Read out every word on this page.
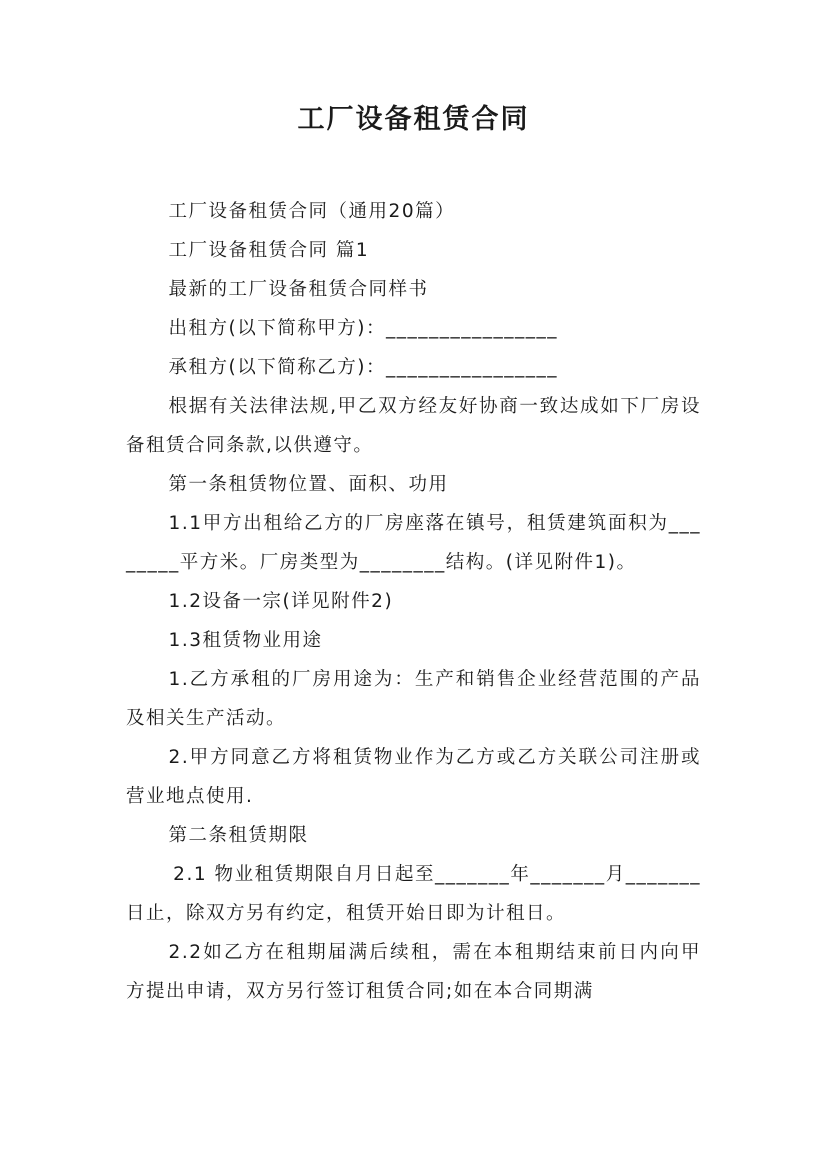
工厂设备租赁合同

工厂设备租赁合同（通用20篇）

工厂设备租赁合同 篇1

最新的工厂设备租赁合同样书

出租方(以下简称甲方)：________________

承租方(以下简称乙方)：________________

根据有关法律法规,甲乙双方经友好协商一致达成如下厂房设备租赁合同条款,以供遵守。

第一条租赁物位置、面积、功用

1.1甲方出租给乙方的厂房座落在镇号，租赁建筑面积为________平方米。厂房类型为________结构。(详见附件1)。

1.2设备一宗(详见附件2)

1.3租赁物业用途

1.乙方承租的厂房用途为：生产和销售企业经营范围的产品及相关生产活动。

2.甲方同意乙方将租赁物业作为乙方或乙方关联公司注册或营业地点使用.

第二条租赁期限

2.1 物业租赁期限自月日起至_______年_______月_______日止，除双方另有约定，租赁开始日即为计租日。

2.2如乙方在租期届满后续租，需在本租期结束前日内向甲方提出申请，双方另行签订租赁合同;如在本合同期满
